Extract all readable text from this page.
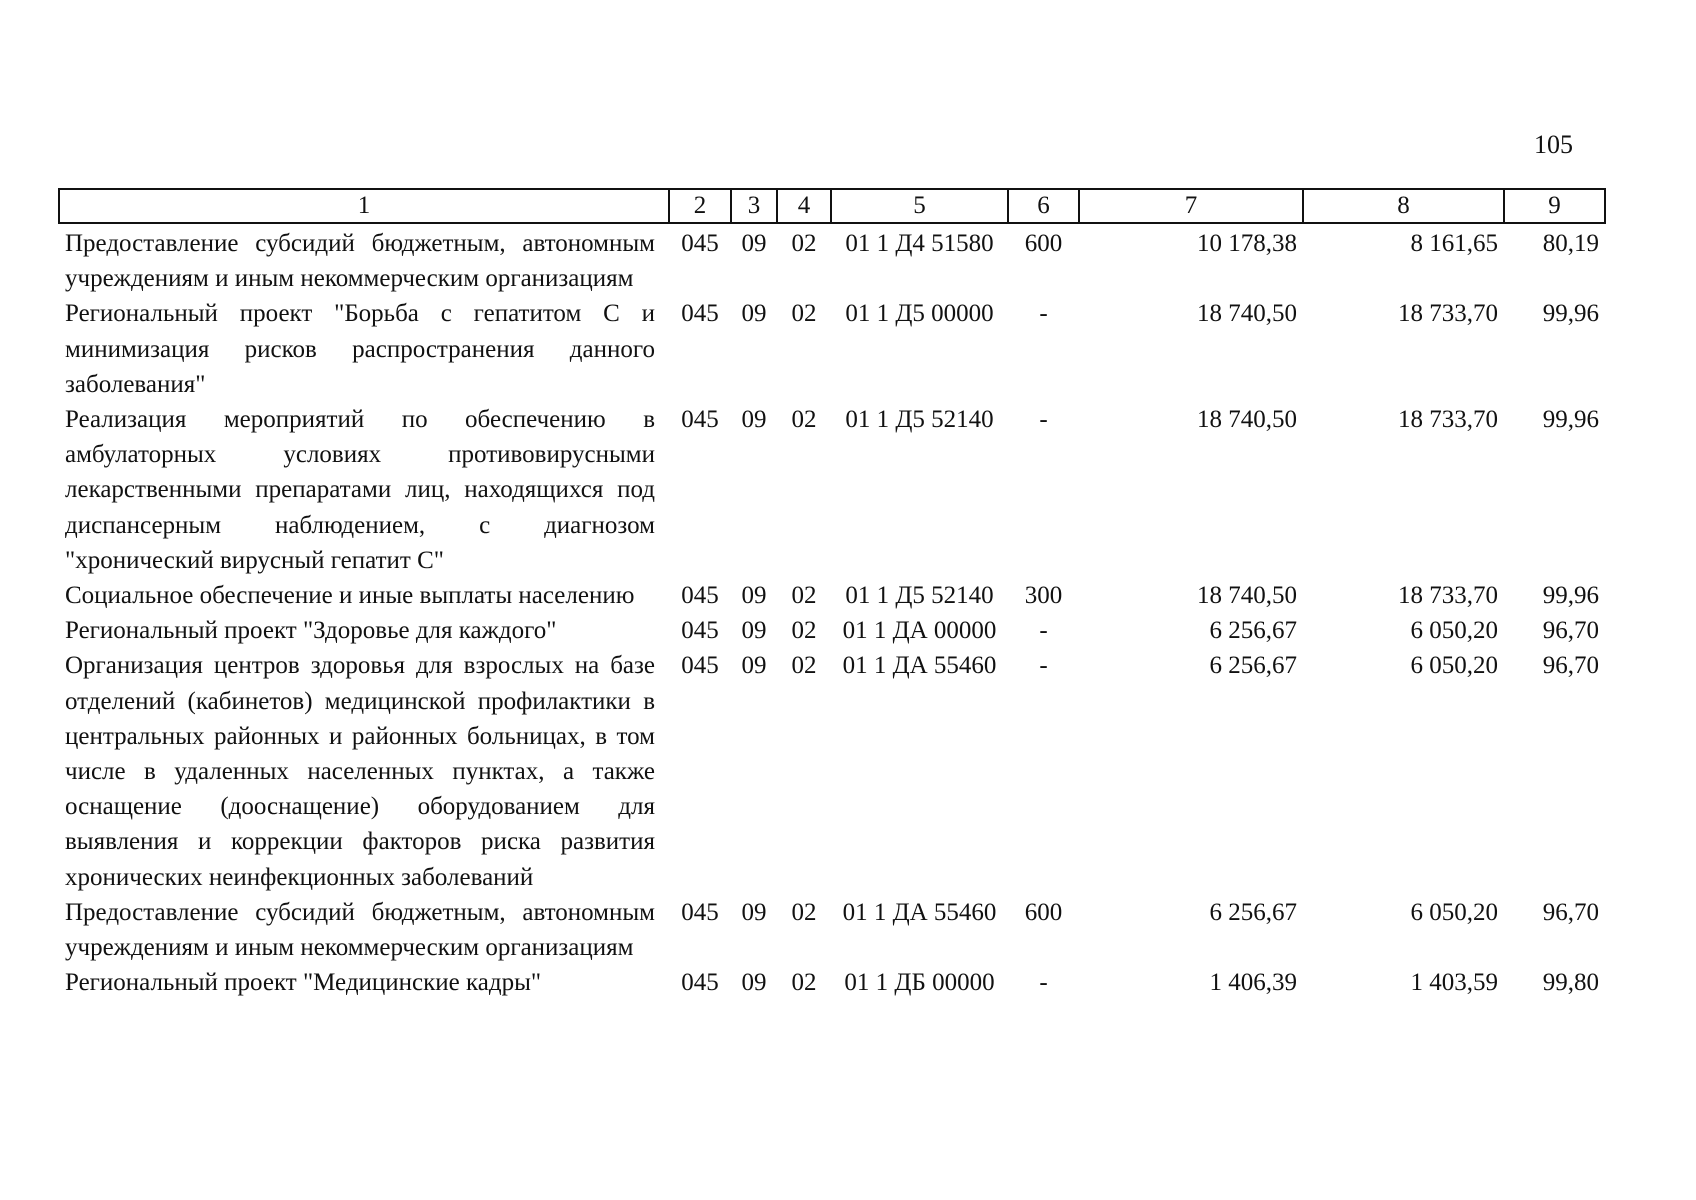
105
1	2	3	4	5	6	7	8	9
Предоставление субсидий бюджетным, автономным учреждениям и иным некоммерческим организациям	045	09	02	01 1 Д4 51580	600	10 178,38	8 161,65	80,19
Региональный проект "Борьба с гепатитом С и минимизация рисков распространения данного заболевания"	045	09	02	01 1 Д5 00000	-	18 740,50	18 733,70	99,96
Реализация мероприятий по обеспечению в амбулаторных условиях противовирусными лекарственными препаратами лиц, находящихся под диспансерным наблюдением, с диагнозом "хронический вирусный гепатит С"	045	09	02	01 1 Д5 52140	-	18 740,50	18 733,70	99,96
Социальное обеспечение и иные выплаты населению	045	09	02	01 1 Д5 52140	300	18 740,50	18 733,70	99,96
Региональный проект "Здоровье для каждого"	045	09	02	01 1 ДА 00000	-	6 256,67	6 050,20	96,70
Организация центров здоровья для взрослых на базе отделений (кабинетов) медицинской профилактики в центральных районных и районных больницах, в том числе в удаленных населенных пунктах, а также оснащение (дооснащение) оборудованием для выявления и коррекции факторов риска развития хронических неинфекционных заболеваний	045	09	02	01 1 ДА 55460	-	6 256,67	6 050,20	96,70
Предоставление субсидий бюджетным, автономным учреждениям и иным некоммерческим организациям	045	09	02	01 1 ДА 55460	600	6 256,67	6 050,20	96,70
Региональный проект "Медицинские кадры"	045	09	02	01 1 ДБ 00000	-	1 406,39	1 403,59	99,80
